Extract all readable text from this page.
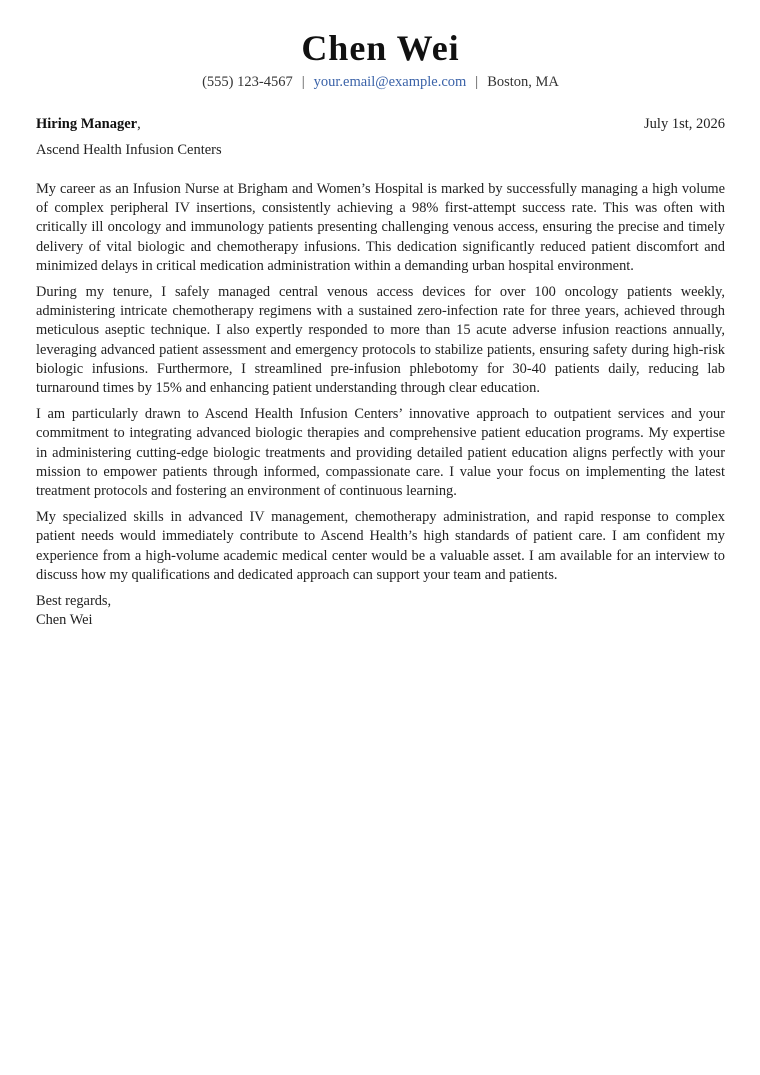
Chen Wei
(555) 123-4567 | your.email@example.com | Boston, MA
Hiring Manager,	July 1st, 2026
Ascend Health Infusion Centers

My career as an Infusion Nurse at Brigham and Women’s Hospital is marked by successfully managing a high volume of complex peripheral IV insertions, consistently achieving a 98% first-attempt success rate. This was often with critically ill oncology and immunology patients presenting challenging venous access, ensuring the precise and timely delivery of vital biologic and chemotherapy infusions. This dedication significantly reduced patient discomfort and minimized delays in critical medication administration within a demanding urban hospital environment.

During my tenure, I safely managed central venous access devices for over 100 oncology patients weekly, administering intricate chemotherapy regimens with a sustained zero-infection rate for three years, achieved through meticulous aseptic technique. I also expertly responded to more than 15 acute adverse infusion reactions annually, leveraging advanced patient assessment and emergency protocols to stabilize patients, ensuring safety during high-risk biologic infusions. Furthermore, I streamlined pre-infusion phlebotomy for 30-40 patients daily, reducing lab turnaround times by 15% and enhancing patient understanding through clear education.

I am particularly drawn to Ascend Health Infusion Centers’ innovative approach to outpatient services and your commitment to integrating advanced biologic therapies and comprehensive patient education programs. My expertise in administering cutting-edge biologic treatments and providing detailed patient education aligns perfectly with your mission to empower patients through informed, compassionate care. I value your focus on implementing the latest treatment protocols and fostering an environment of continuous learning.

My specialized skills in advanced IV management, chemotherapy administration, and rapid response to complex patient needs would immediately contribute to Ascend Health’s high standards of patient care. I am confident my experience from a high-volume academic medical center would be a valuable asset. I am available for an interview to discuss how my qualifications and dedicated approach can support your team and patients.

Best regards,
Chen Wei
